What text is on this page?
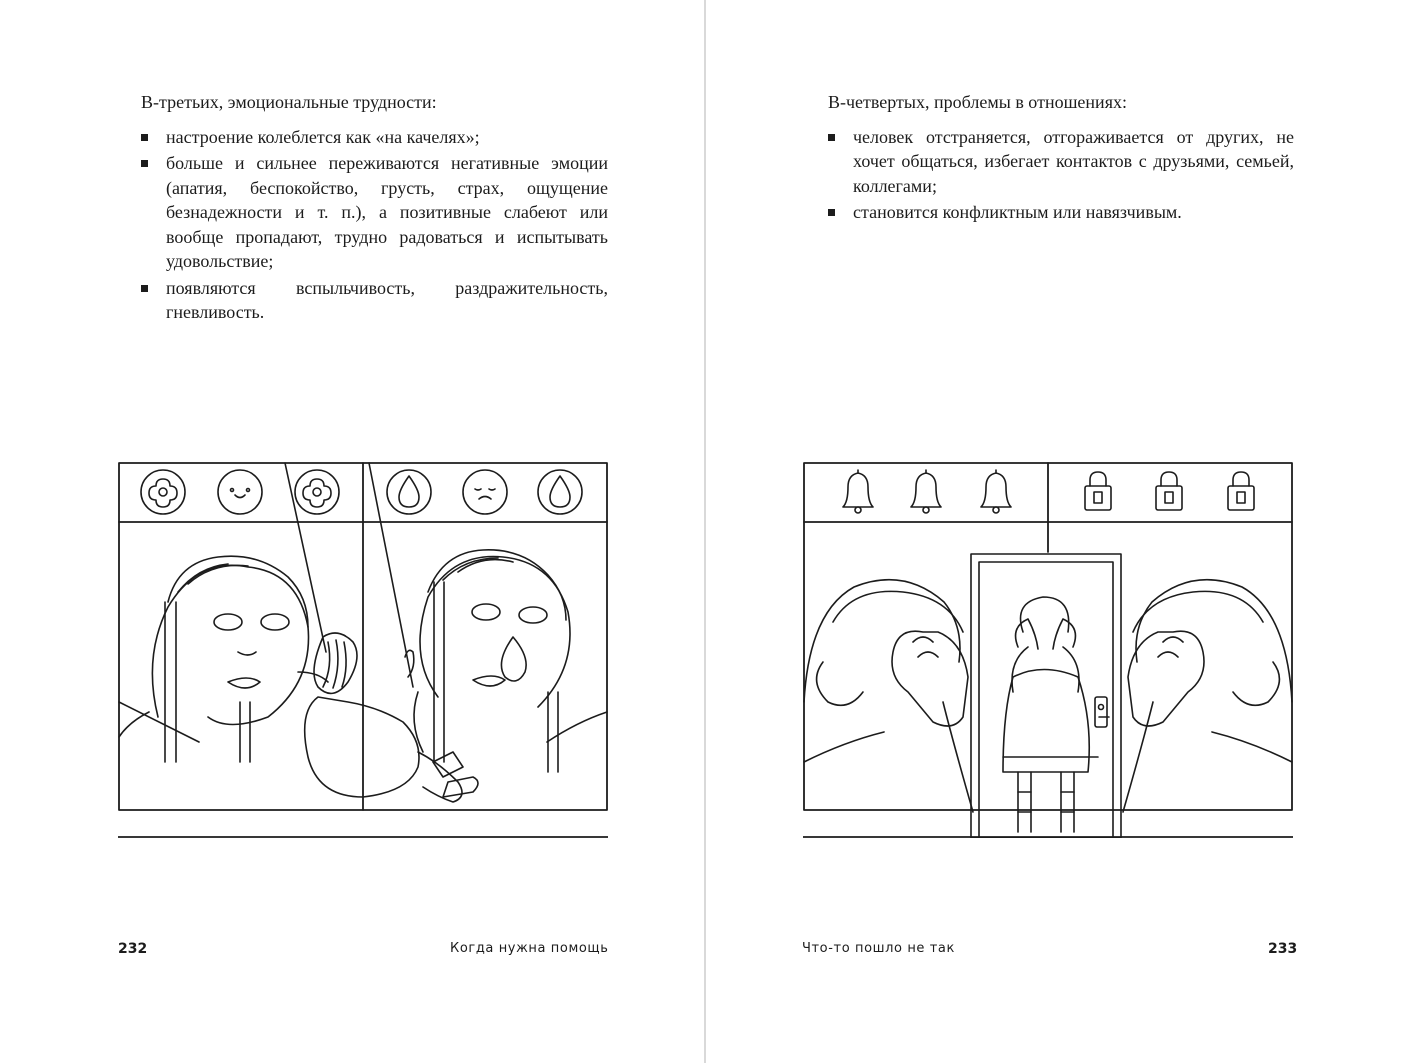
В-третьих, эмоциональные трудности:

настроение колеблется как «на качелях»;
больше и сильнее переживаются негативные эмоции (апатия, беспокойство, грусть, страх, ощущение безнадежности и т. п.), а позитивные слабеют или вообще пропадают, трудно радоваться и испытывать удовольствие;
появляются вспыльчивость, раздражительность, гневливость.
232	Когда нужна помощь

В-четвертых, проблемы в отношениях:

человек отстраняется, отгораживается от других, не хочет общаться, избегает контактов с друзьями, семьей, коллегами;
становится конфликтным или навязчивым.
Что-то пошло не так	233
